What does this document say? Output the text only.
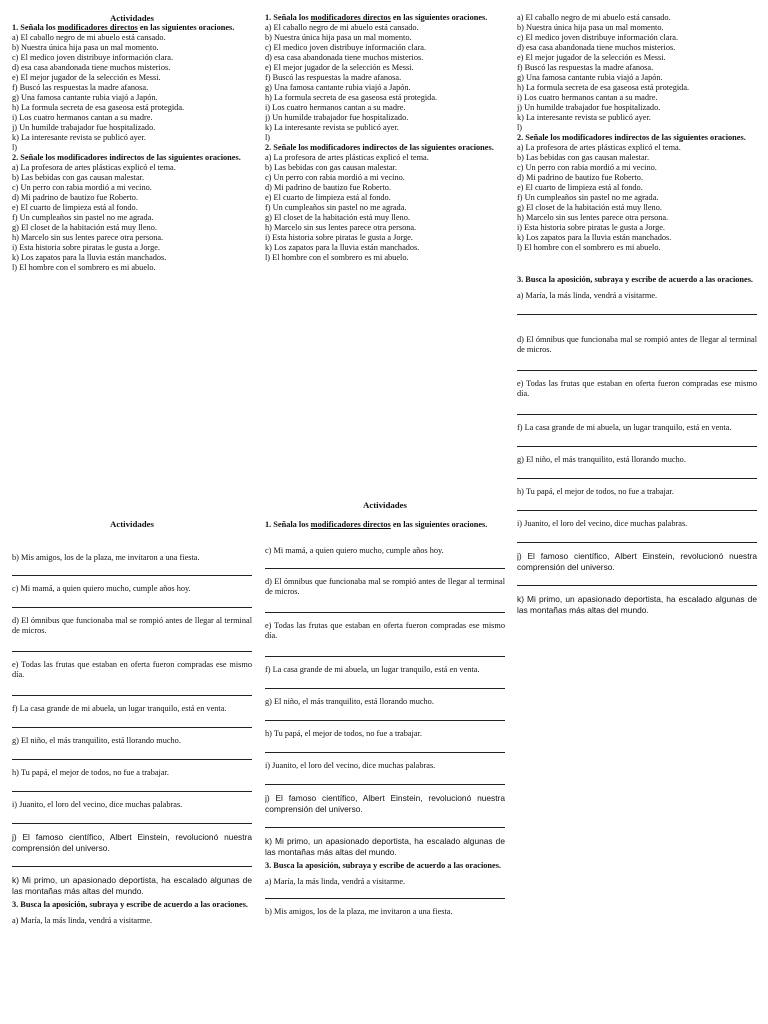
Actividades

1. Señala los modificadores directos en las siguientes oraciones.

a) El caballo negro de mi abuelo está cansado.

b) Nuestra única hija pasa un mal momento.

c) El medico joven distribuye información clara.

d) esa casa abandonada tiene muchos misterios.

e) El mejor jugador de la selección es Messi.

f) Buscó las respuestas la madre afanosa.

g) Una famosa cantante rubia viajó a Japón.

h) La formula secreta de esa gaseosa está protegida.

i) Los cuatro hermanos cantan a su madre.

j) Un humilde trabajador fue hospitalizado.

k) La interesante revista se publicó ayer.

l)

2. Señale los modificadores indirectos de las siguientes oraciones.

a) La profesora de artes plásticas explicó el tema.

b) Las bebidas con gas causan malestar.

c) Un perro con rabia mordió a mi vecino.

d) Mi padrino de bautizo fue Roberto.

e) El cuarto de limpieza está al fondo.

f) Un cumpleaños sin pastel no me agrada.

g) El closet de la habitación está muy lleno.

h) Marcelo sin sus lentes parece otra persona.

i) Esta historia sobre piratas le gusta a Jorge.

k) Los zapatos para la lluvia están manchados.

l) El hombre con el sombrero es mi abuelo.

Actividades

b) Mis amigos, los de la plaza, me invitaron a una fiesta.

c) Mi mamá, a quien quiero mucho, cumple años hoy.

d) El ómnibus que funcionaba mal se rompió antes de llegar al terminal de micros.

e) Todas las frutas que estaban en oferta fueron compradas ese mismo día.

f) La casa grande de mi abuela, un lugar tranquilo, está en venta.

g) El niño, el más tranquilito, está llorando mucho.

h) Tu papá, el mejor de todos, no fue a trabajar.

i) Juanito, el loro del vecino, dice muchas palabras.

j) El famoso científico, Albert Einstein, revolucionó nuestra comprensión del universo.

k) Mi primo, un apasionado deportista, ha escalado algunas de las montañas más altas del mundo.

3. Busca la aposición, subraya y escribe de acuerdo a las oraciones.

a) María, la más linda, vendrá a visitarme.

1. Señala los modificadores directos en las siguientes oraciones.

a) El caballo negro de mi abuelo está cansado.

b) Nuestra única hija pasa un mal momento.

c) El medico joven distribuye información clara.

d) esa casa abandonada tiene muchos misterios.

e) El mejor jugador de la selección es Messi.

f) Buscó las respuestas la madre afanosa.

g) Una famosa cantante rubia viajó a Japón.

h) La formula secreta de esa gaseosa está protegida.

i) Los cuatro hermanos cantan a su madre.

j) Un humilde trabajador fue hospitalizado.

k) La interesante revista se publicó ayer.

l)

2. Señale los modificadores indirectos de las siguientes oraciones.

a) La profesora de artes plásticas explicó el tema.

b) Las bebidas con gas causan malestar.

c) Un perro con rabia mordió a mi vecino.

d) Mi padrino de bautizo fue Roberto.

e) El cuarto de limpieza está al fondo.

f) Un cumpleaños sin pastel no me agrada.

g) El closet de la habitación está muy lleno.

h) Marcelo sin sus lentes parece otra persona.

i) Esta historia sobre piratas le gusta a Jorge.

k) Los zapatos para la lluvia están manchados.

l) El hombre con el sombrero es mi abuelo.

Actividades

1. Señala los modificadores directos en las siguientes oraciones.

c) Mi mamá, a quien quiero mucho, cumple años hoy.

d) El ómnibus que funcionaba mal se rompió antes de llegar al terminal de micros.

e) Todas las frutas que estaban en oferta fueron compradas ese mismo día.

f) La casa grande de mi abuela, un lugar tranquilo, está en venta.

g) El niño, el más tranquilito, está llorando mucho.

h) Tu papá, el mejor de todos, no fue a trabajar.

i) Juanito, el loro del vecino, dice muchas palabras.

j) El famoso científico, Albert Einstein, revolucionó nuestra comprensión del universo.

k) Mi primo, un apasionado deportista, ha escalado algunas de las montañas más altas del mundo.

3. Busca la aposición, subraya y escribe de acuerdo a las oraciones.

a) María, la más linda, vendrá a visitarme.

b) Mis amigos, los de la plaza, me invitaron a una fiesta.

a) El caballo negro de mi abuelo está cansado.

b) Nuestra única hija pasa un mal momento.

c) El medico joven distribuye información clara.

d) esa casa abandonada tiene muchos misterios.

e) El mejor jugador de la selección es Messi.

f) Buscó las respuestas la madre afanosa.

g) Una famosa cantante rubia viajó a Japón.

h) La formula secreta de esa gaseosa está protegida.

i) Los cuatro hermanos cantan a su madre.

j) Un humilde trabajador fue hospitalizado.

k) La interesante revista se publicó ayer.

l)

2. Señale los modificadores indirectos de las siguientes oraciones.

a) La profesora de artes plásticas explicó el tema.

b) Las bebidas con gas causan malestar.

c) Un perro con rabia mordió a mi vecino.

d) Mi padrino de bautizo fue Roberto.

e) El cuarto de limpieza está al fondo.

f) Un cumpleaños sin pastel no me agrada.

g) El closet de la habitación está muy lleno.

h) Marcelo sin sus lentes parece otra persona.

i) Esta historia sobre piratas le gusta a Jorge.

k) Los zapatos para la lluvia están manchados.

l) El hombre con el sombrero es mi abuelo.

3. Busca la aposición, subraya y escribe de acuerdo a las oraciones.

a) María, la más linda, vendrá a visitarme.

d) El ómnibus que funcionaba mal se rompió antes de llegar al terminal de micros.

e) Todas las frutas que estaban en oferta fueron compradas ese mismo día.

f) La casa grande de mi abuela, un lugar tranquilo, está en venta.

g) El niño, el más tranquilito, está llorando mucho.

h) Tu papá, el mejor de todos, no fue a trabajar.

i) Juanito, el loro del vecino, dice muchas palabras.

j) El famoso científico, Albert Einstein, revolucionó nuestra comprensión del universo.

k) Mi primo, un apasionado deportista, ha escalado algunas de las montañas más altas del mundo.
